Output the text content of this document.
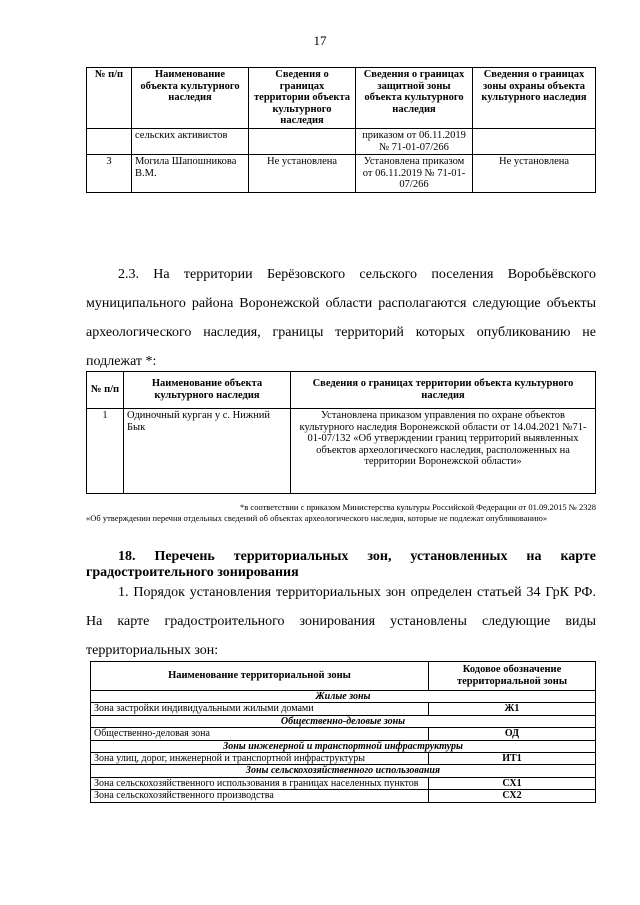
17
№ п/п	Наименование объекта культурного наследия	Сведения о границах территории объекта культурного наследия	Сведения о границах защитной зоны объекта культурного наследия	Сведения о границах зоны охраны объекта культурного наследия
	сельских активистов		приказом от 06.11.2019 № 71-01-07/266	
3	Могила Шапошникова В.М.	Не установлена	Установлена приказом от 06.11.2019 № 71-01-07/266	Не установлена
2.3. На территории Берёзовского сельского поселения Воробьёвского муниципального района Воронежской области располагаются следующие объекты археологического наследия, границы территорий которых опубликованию не подлежат *:
№ п/п	Наименование объекта культурного наследия	Сведения о границах территории объекта культурного наследия
1	Одиночный курган у с. Нижний Бык	Установлена приказом управления по охране объектов культурного наследия Воронежской области от 14.04.2021 №71-01-07/132 «Об утверждении границ территорий выявленных объектов археологического наследия, расположенных на территории Воронежской области»
*в соответствии с приказом Министерства культуры Российской Федерации от 01.09.2015 № 2328
«Об утверждении перечня отдельных сведений об объектах археологического наследия, которые не подлежат опубликованию»
18. Перечень территориальных зон, установленных на карте градостроительного зонирования
1. Порядок установления территориальных зон определен статьей 34 ГрК РФ. На карте градостроительного зонирования установлены следующие виды территориальных зон:
Наименование территориальной зоны	Кодовое обозначение территориальной зоны
Жилые зоны	
Зона застройки индивидуальными жилыми домами	Ж1
Общественно-деловые зоны	
Общественно-деловая зона	ОД
Зоны инженерной и транспортной инфраструктуры	
Зона улиц, дорог, инженерной и транспортной инфраструктуры	ИТ1
Зоны сельскохозяйственного использования	
Зона сельскохозяйственного использования в границах населенных пунктов	СХ1
Зона сельскохозяйственного производства	СХ2
